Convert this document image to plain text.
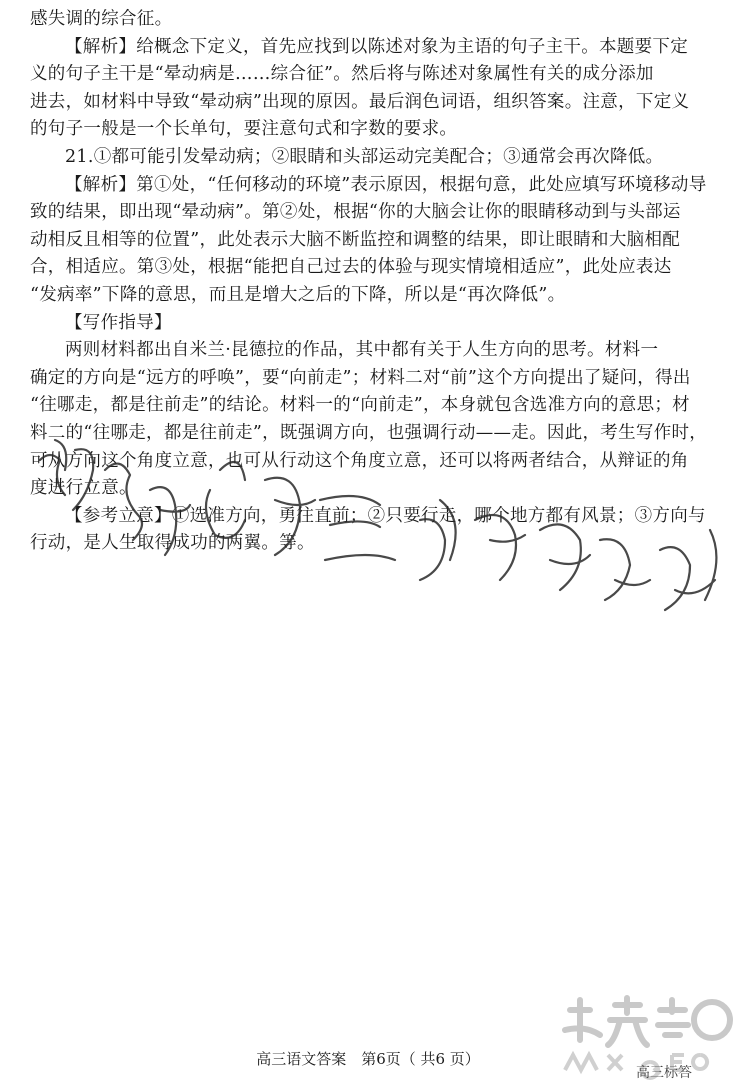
感失调的综合征。
【解析】给概念下定义，首先应找到以陈述对象为主语的句子主干。本题要下定
义的句子主干是“晕动病是……综合征”。然后将与陈述对象属性有关的成分添加
进去，如材料中导致“晕动病”出现的原因。最后润色词语，组织答案。注意，下定义
的句子一般是一个长单句，要注意句式和字数的要求。
21.①都可能引发晕动病；②眼睛和头部运动完美配合；③通常会再次降低。
【解析】第①处，“任何移动的环境”表示原因，根据句意，此处应填写环境移动导
致的结果，即出现“晕动病”。第②处，根据“你的大脑会让你的眼睛移动到与头部运
动相反且相等的位置”，此处表示大脑不断监控和调整的结果，即让眼睛和大脑相配
合，相适应。第③处，根据“能把自己过去的体验与现实情境相适应”，此处应表达
“发病率”下降的意思，而且是增大之后的下降，所以是“再次降低”。
【写作指导】
两则材料都出自米兰·昆德拉的作品，其中都有关于人生方向的思考。材料一
确定的方向是“远方的呼唤”，要“向前走”；材料二对“前”这个方向提出了疑问，得出
“往哪走，都是往前走”的结论。材料一的“向前走”，本身就包含选准方向的意思；材
料二的“往哪走，都是往前走”，既强调方向，也强调行动——走。因此，考生写作时，
可从方向这个角度立意，也可从行动这个角度立意，还可以将两者结合，从辩证的角
度进行立意。
【参考立意】①选准方向，勇往直前；②只要行走，哪个地方都有风景；③方向与
行动，是人生取得成功的两翼。等。
高三标答
高三语文答案　第6页（ 共6 页）
